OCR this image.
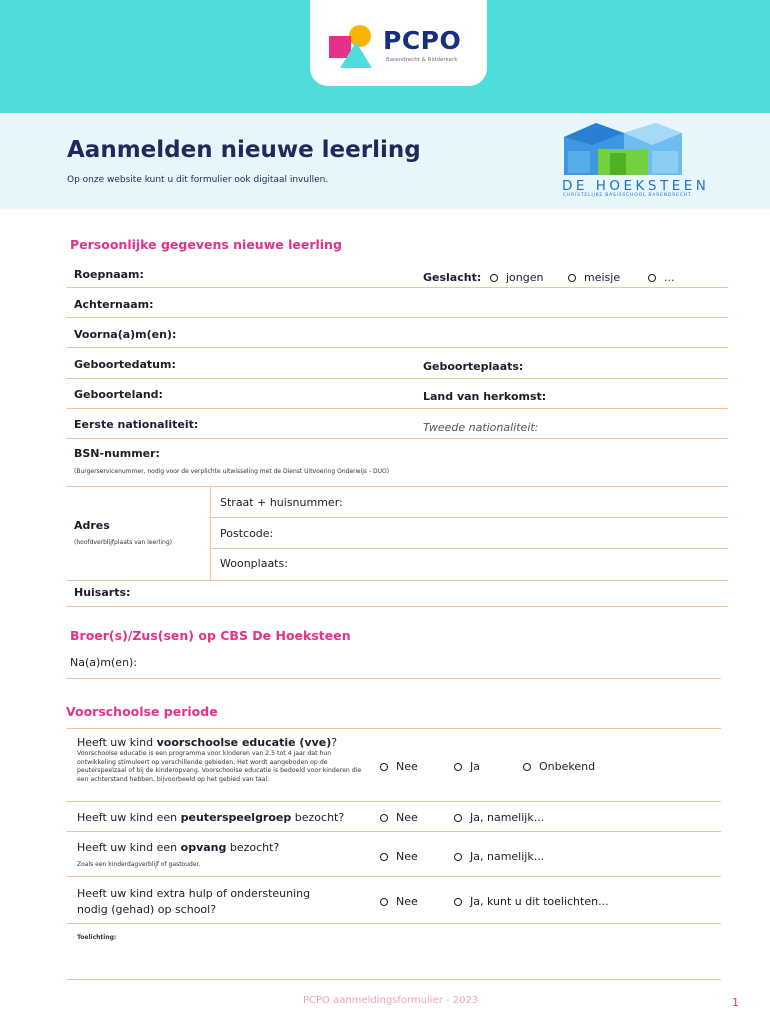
PCPO
Barendrecht & Ridderkerk
Aanmelden nieuwe leerling

Op onze website kunt u dit formulier ook digitaal invullen.	DE HOEKSTEEN
CHRISTELIJKE BASISSCHOOL BARENDRECHT
Persoonlijke gegevens nieuwe leerling
Roepnaam:	Geslacht: jongen	meisje	...
Achternaam:
Voorna(a)m(en):
Geboortedatum:	Geboorteplaats:
Geboorteland:	Land van herkomst:
Eerste nationaliteit:	Tweede nationaliteit:
BSN-nummer:
(Burgerservicenummer, nodig voor de verplichte uitwisseling met de Dienst Uitvoering Onderwijs - DUO)
Adres
(hoofdverblijfplaats van leerling)
Straat + huisnummer:
Postcode:
Woonplaats:
Huisarts:
Broer(s)/Zus(sen) op CBS De Hoeksteen
Na(a)m(en):
Voorschoolse periode
Heeft uw kind voorschoolse educatie (vve)?
Voorschoolse educatie is een programma voor kinderen van 2,5 tot 4 jaar dat hun ontwikkeling stimuleert op verschillende gebieden. Het wordt aangeboden op de peuterspeelzaal of bij de kinderopvang. Voorschoolse educatie is bedoeld voor kinderen die een achterstand hebben, bijvoorbeeld op het gebied van taal.
Nee	Ja	Onbekend
Heeft uw kind een peuterspeelgroep bezocht?	Nee	Ja, namelijk...
Heeft uw kind een opvang bezocht?
Zoals een kinderdagverblijf of gastouder.
Nee	Ja, namelijk...
Heeft uw kind extra hulp of ondersteuning
nodig (gehad) op school?
Nee	Ja, kunt u dit toelichten...
Toelichting:
PCPO aanmeldingsformulier - 2023	1
